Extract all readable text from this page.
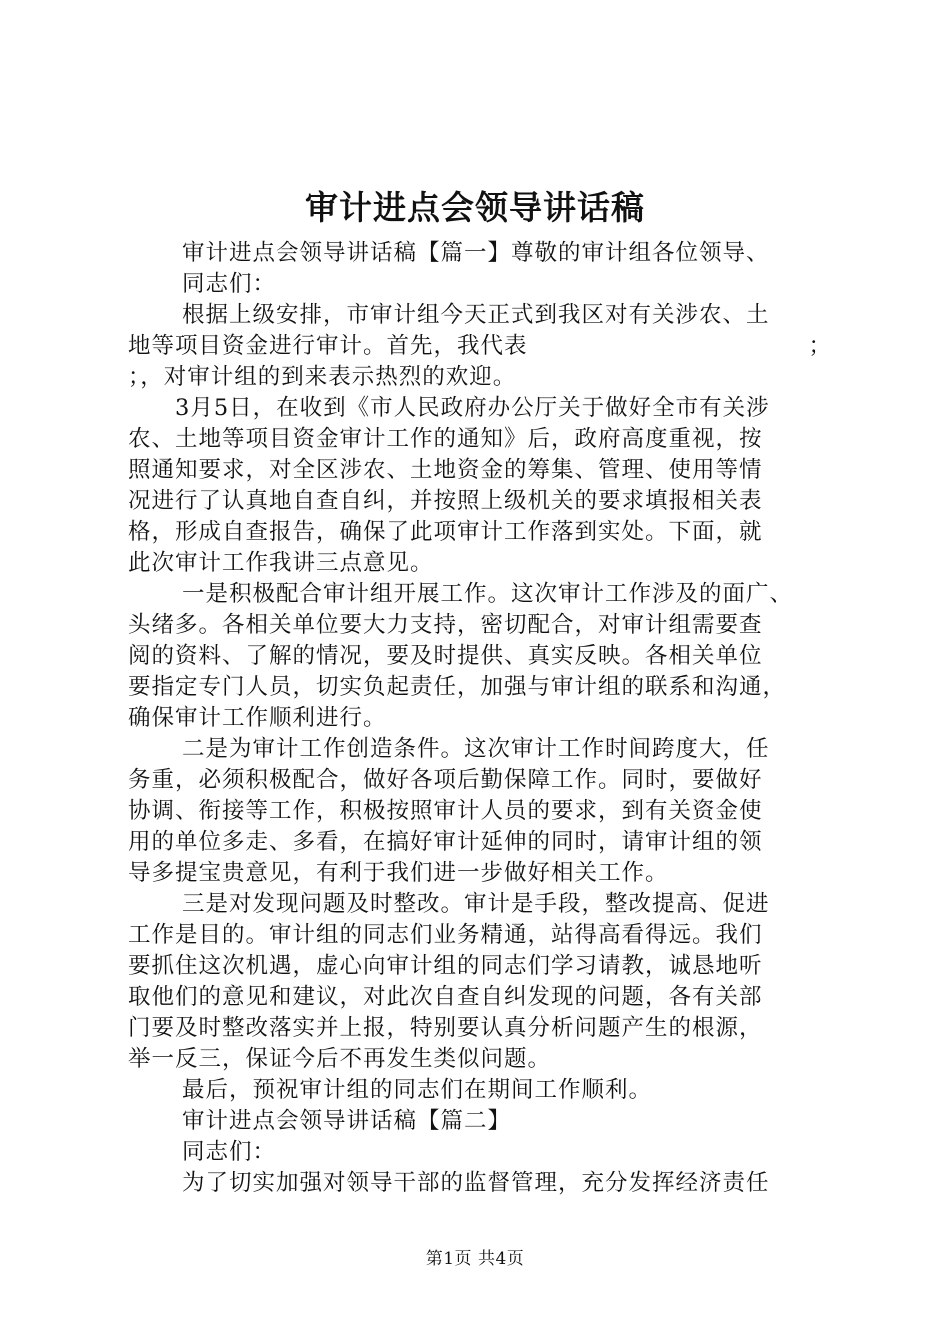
审计进点会领导讲话稿
审计进点会领导讲话稿【篇一】尊敬的审计组各位领导、
同志们：
根据上级安排，市审计组今天正式到我区对有关涉农、土
地等项目资金进行审计。首先，我代表	；
；，对审计组的到来表示热烈的欢迎。
3月5日，在收到《市人民政府办公厅关于做好全市有关涉
农、土地等项目资金审计工作的通知》后，政府高度重视，按
照通知要求，对全区涉农、土地资金的筹集、管理、使用等情
况进行了认真地自查自纠，并按照上级机关的要求填报相关表
格，形成自查报告，确保了此项审计工作落到实处。下面，就
此次审计工作我讲三点意见。
一是积极配合审计组开展工作。这次审计工作涉及的面广、
头绪多。各相关单位要大力支持，密切配合，对审计组需要查
阅的资料、了解的情况，要及时提供、真实反映。各相关单位
要指定专门人员，切实负起责任，加强与审计组的联系和沟通，
确保审计工作顺利进行。
二是为审计工作创造条件。这次审计工作时间跨度大，任
务重，必须积极配合，做好各项后勤保障工作。同时，要做好
协调、衔接等工作，积极按照审计人员的要求，到有关资金使
用的单位多走、多看，在搞好审计延伸的同时，请审计组的领
导多提宝贵意见，有利于我们进一步做好相关工作。
三是对发现问题及时整改。审计是手段，整改提高、促进
工作是目的。审计组的同志们业务精通，站得高看得远。我们
要抓住这次机遇，虚心向审计组的同志们学习请教，诚恳地听
取他们的意见和建议，对此次自查自纠发现的问题，各有关部
门要及时整改落实并上报，特别要认真分析问题产生的根源，
举一反三，保证今后不再发生类似问题。
最后，预祝审计组的同志们在期间工作顺利。
审计进点会领导讲话稿【篇二】
同志们：
为了切实加强对领导干部的监督管理，充分发挥经济责任
第1页 共4页
